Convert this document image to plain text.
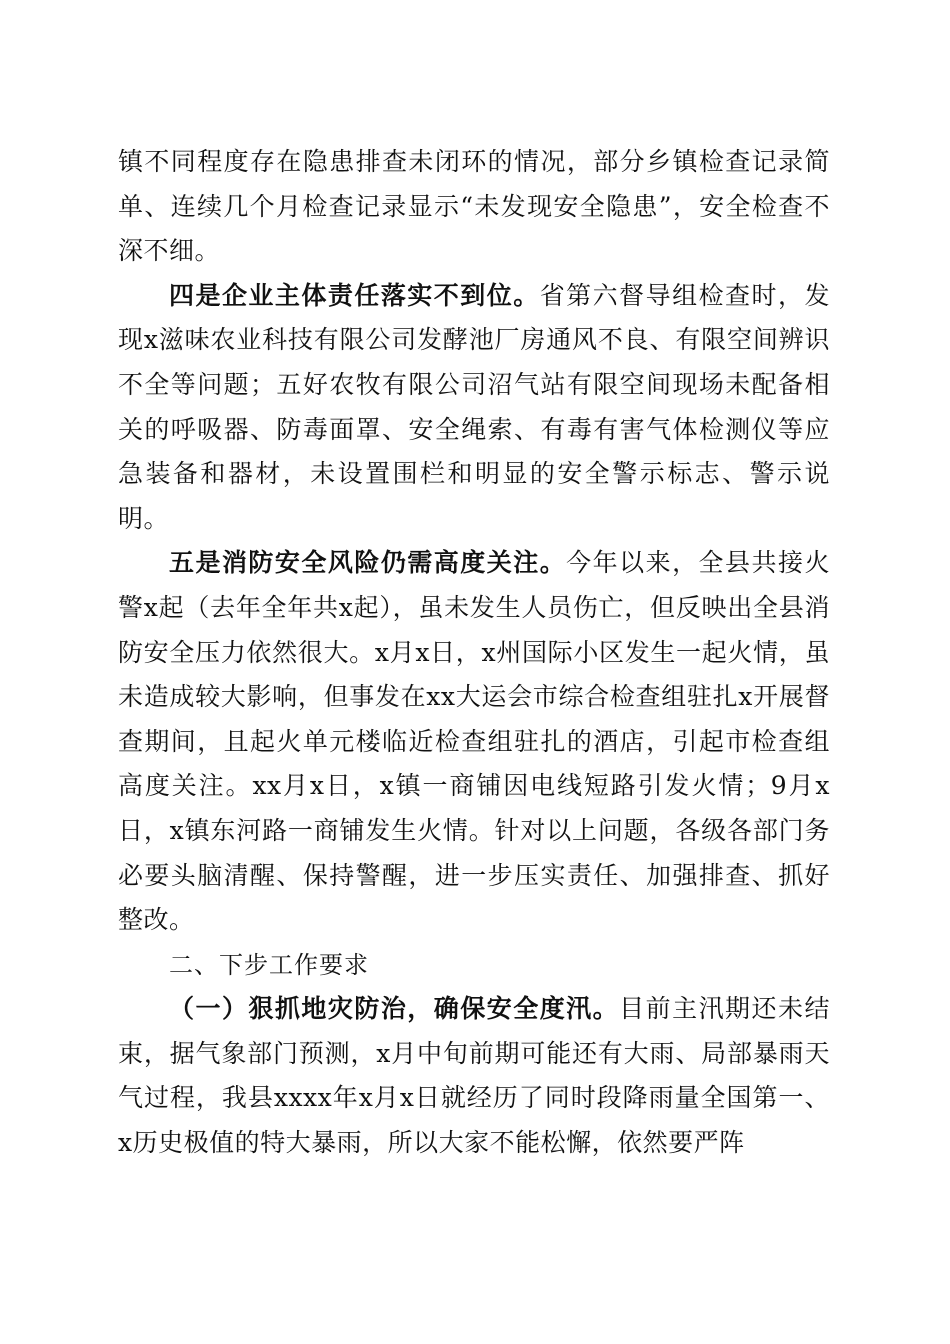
镇不同程度存在隐患排查未闭环的情况，部分乡镇检查记录简单、连续几个月检查记录显示“未发现安全隐患”，安全检查不深不细。

四是企业主体责任落实不到位。省第六督导组检查时，发现x滋味农业科技有限公司发酵池厂房通风不良、有限空间辨识不全等问题；五好农牧有限公司沼气站有限空间现场未配备相关的呼吸器、防毒面罩、安全绳索、有毒有害气体检测仪等应急装备和器材，未设置围栏和明显的安全警示标志、警示说明。

五是消防安全风险仍需高度关注。今年以来，全县共接火警x起（去年全年共x起），虽未发生人员伤亡，但反映出全县消防安全压力依然很大。x月x日，x州国际小区发生一起火情，虽未造成较大影响，但事发在xx大运会市综合检查组驻扎x开展督查期间，且起火单元楼临近检查组驻扎的酒店，引起市检查组高度关注。xx月x日，x镇一商铺因电线短路引发火情；9月x日，x镇东河路一商铺发生火情。针对以上问题，各级各部门务必要头脑清醒、保持警醒，进一步压实责任、加强排查、抓好整改。

二、下步工作要求

（一）狠抓地灾防治，确保安全度汛。目前主汛期还未结束，据气象部门预测，x月中旬前期可能还有大雨、局部暴雨天气过程，我县xxxx年x月x日就经历了同时段降雨量全国第一、x历史极值的特大暴雨，所以大家不能松懈，依然要严阵
